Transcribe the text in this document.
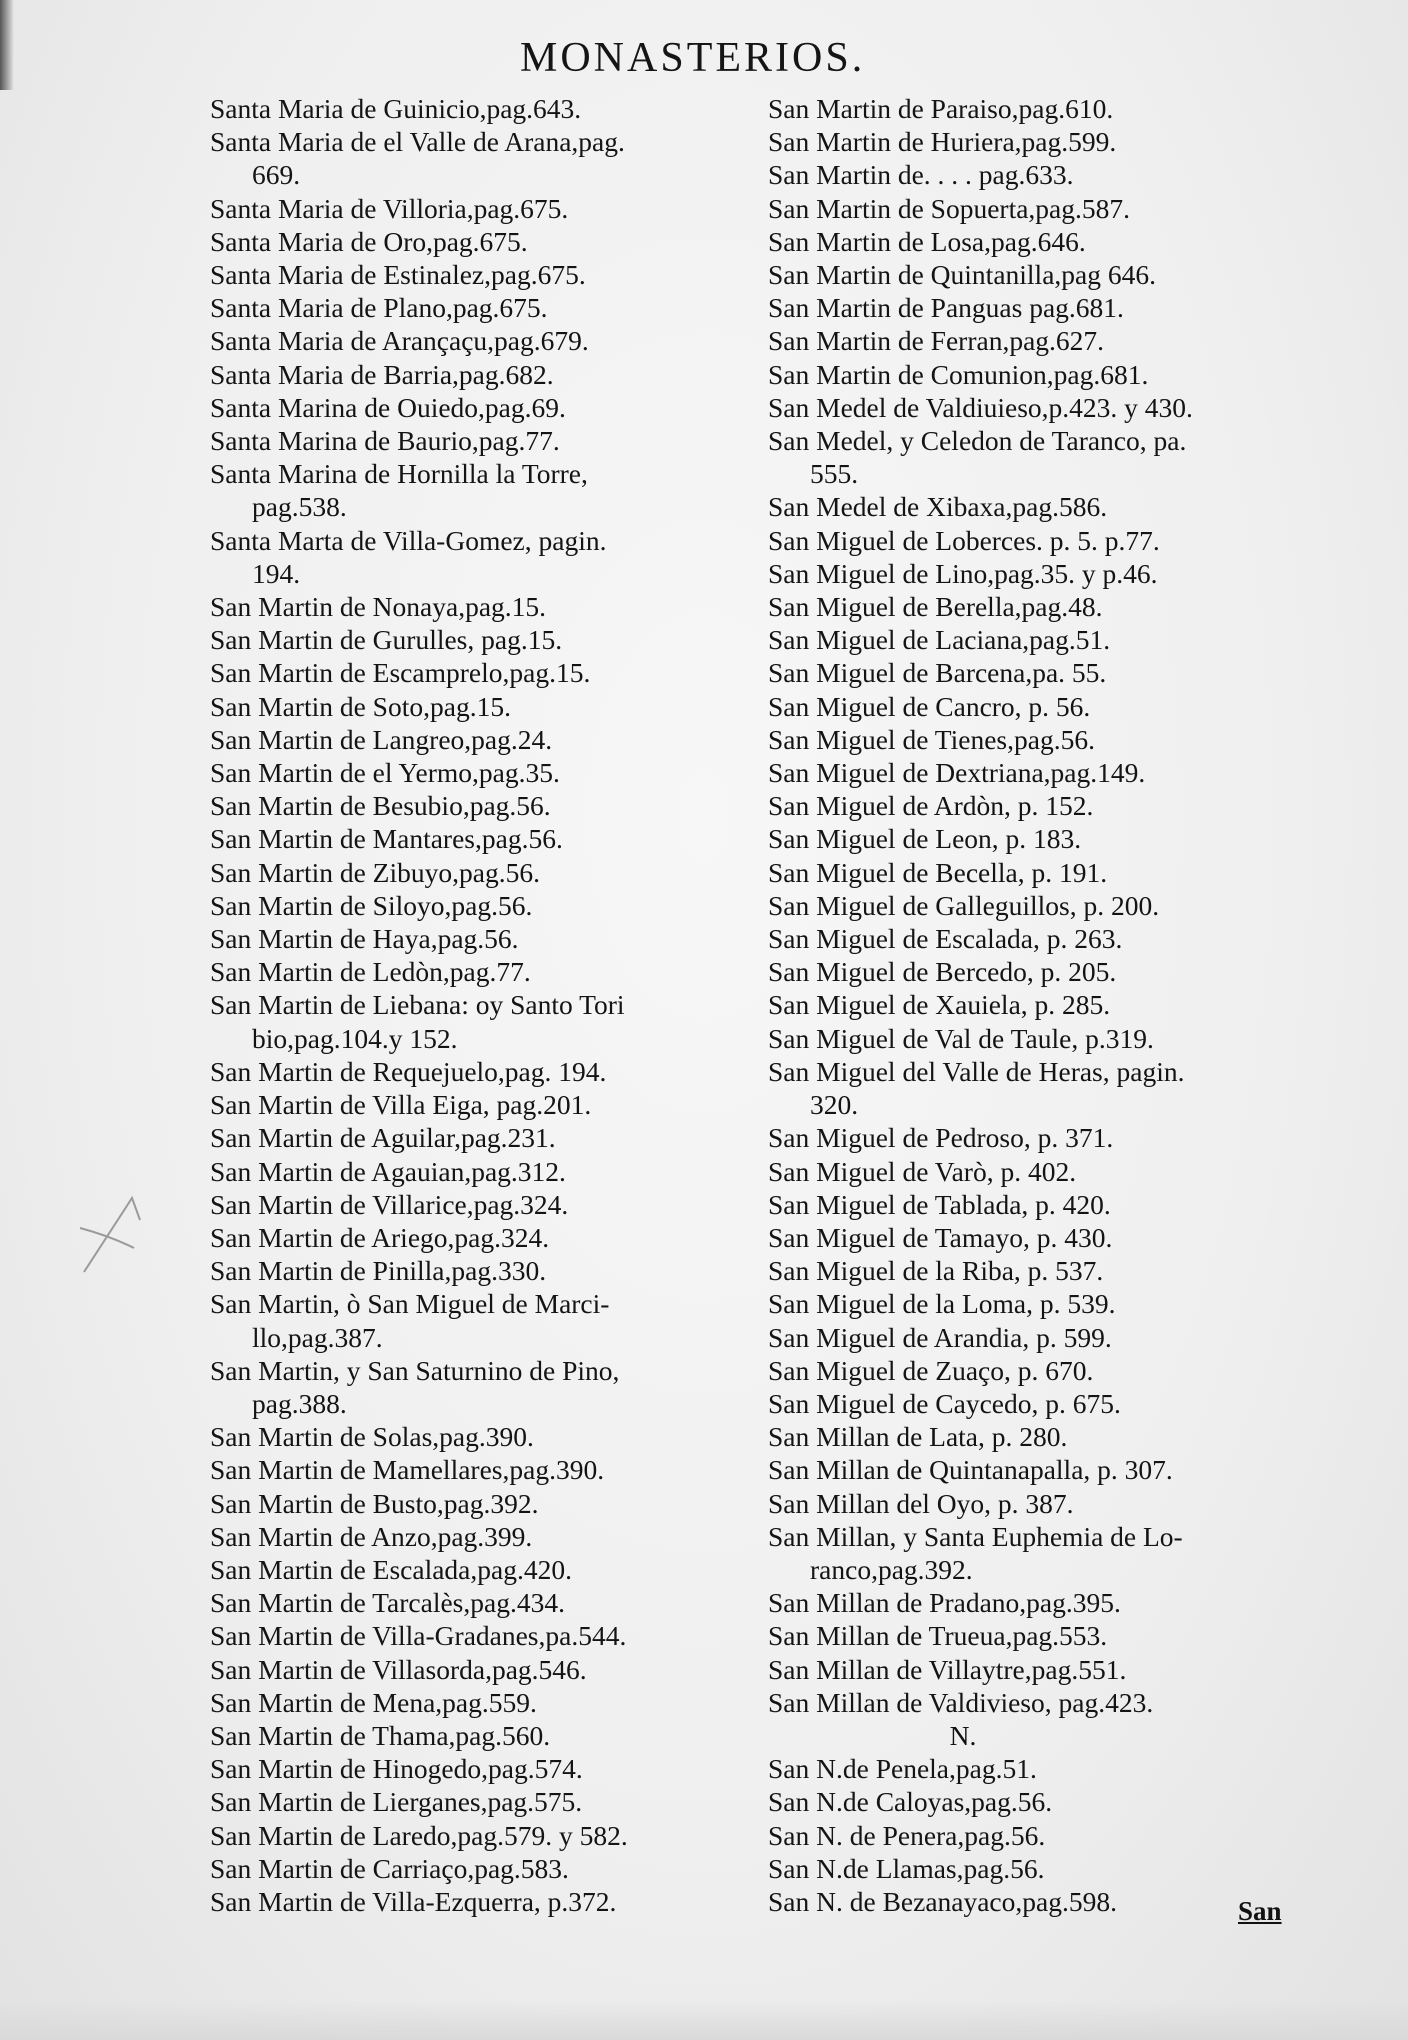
MONASTERIOS.
Santa Maria de Guinicio,pag.643.
Santa Maria de el Valle de Arana,pag.
669.
Santa Maria de Villoria,pag.675.
Santa Maria de Oro,pag.675.
Santa Maria de Estinalez,pag.675.
Santa Maria de Plano,pag.675.
Santa Maria de Arançaçu,pag.679.
Santa Maria de Barria,pag.682.
Santa Marina de Ouiedo,pag.69.
Santa Marina de Baurio,pag.77.
Santa Marina de Hornilla la Torre,
pag.538.
Santa Marta de Villa-Gomez, pagin.
194.
San Martin de Nonaya,pag.15.
San Martin de Gurulles, pag.15.
San Martin de Escamprelo,pag.15.
San Martin de Soto,pag.15.
San Martin de Langreo,pag.24.
San Martin de el Yermo,pag.35.
San Martin de Besubio,pag.56.
San Martin de Mantares,pag.56.
San Martin de Zibuyo,pag.56.
San Martin de Siloyo,pag.56.
San Martin de Haya,pag.56.
San Martin de Ledòn,pag.77.
San Martin de Liebana: oy Santo Tori
bio,pag.104.y 152.
San Martin de Requejuelo,pag. 194.
San Martin de Villa Eiga, pag.201.
San Martin de Aguilar,pag.231.
San Martin de Agauian,pag.312.
San Martin de Villarice,pag.324.
San Martin de Ariego,pag.324.
San Martin de Pinilla,pag.330.
San Martin, ò San Miguel de Marci-
llo,pag.387.
San Martin, y San Saturnino de Pino,
pag.388.
San Martin de Solas,pag.390.
San Martin de Mamellares,pag.390.
San Martin de Busto,pag.392.
San Martin de Anzo,pag.399.
San Martin de Escalada,pag.420.
San Martin de Tarcalès,pag.434.
San Martin de Villa-Gradanes,pa.544.
San Martin de Villasorda,pag.546.
San Martin de Mena,pag.559.
San Martin de Thama,pag.560.
San Martin de Hinogedo,pag.574.
San Martin de Lierganes,pag.575.
San Martin de Laredo,pag.579. y 582.
San Martin de Carriaço,pag.583.
San Martin de Villa-Ezquerra, p.372.
San Martin de Paraiso,pag.610.
San Martin de Huriera,pag.599.
San Martin de. . . . pag.633.
San Martin de Sopuerta,pag.587.
San Martin de Losa,pag.646.
San Martin de Quintanilla,pag 646.
San Martin de Panguas pag.681.
San Martin de Ferran,pag.627.
San Martin de Comunion,pag.681.
San Medel de Valdiuieso,p.423. y 430.
San Medel, y Celedon de Taranco, pa.
555.
San Medel de Xibaxa,pag.586.
San Miguel de Loberces. p. 5. p.77.
San Miguel de Lino,pag.35. y p.46.
San Miguel de Berella,pag.48.
San Miguel de Laciana,pag.51.
San Miguel de Barcena,pa. 55.
San Miguel de Cancro, p. 56.
San Miguel de Tienes,pag.56.
San Miguel de Dextriana,pag.149.
San Miguel de Ardòn, p. 152.
San Miguel de Leon, p. 183.
San Miguel de Becella, p. 191.
San Miguel de Galleguillos, p. 200.
San Miguel de Escalada, p. 263.
San Miguel de Bercedo, p. 205.
San Miguel de Xauiela, p. 285.
San Miguel de Val de Taule, p.319.
San Miguel del Valle de Heras, pagin.
320.
San Miguel de Pedroso, p. 371.
San Miguel de Varò, p. 402.
San Miguel de Tablada, p. 420.
San Miguel de Tamayo, p. 430.
San Miguel de la Riba, p. 537.
San Miguel de la Loma, p. 539.
San Miguel de Arandia, p. 599.
San Miguel de Zuaço, p. 670.
San Miguel de Caycedo, p. 675.
San Millan de Lata, p. 280.
San Millan de Quintanapalla, p. 307.
San Millan del Oyo, p. 387.
San Millan, y Santa Euphemia de Lo-
ranco,pag.392.
San Millan de Pradano,pag.395.
San Millan de Trueua,pag.553.
San Millan de Villaytre,pag.551.
San Millan de Valdivieso, pag.423.
N.
San N.de Penela,pag.51.
San N.de Caloyas,pag.56.
San N. de Penera,pag.56.
San N.de Llamas,pag.56.
San N. de Bezanayaco,pag.598.	San
